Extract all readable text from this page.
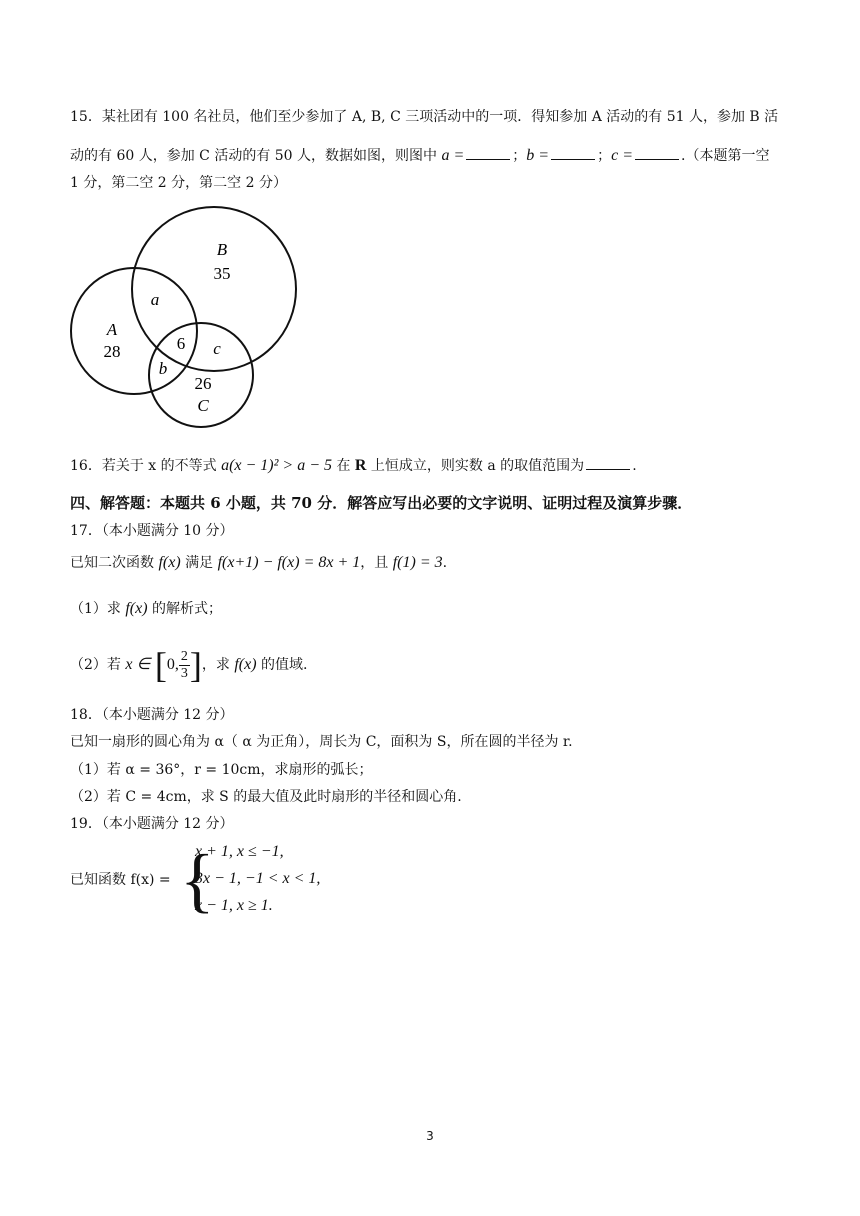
15．某社团有 100 名社员，他们至少参加了 A, B, C 三项活动中的一项．得知参加 A 活动的有 51 人，参加 B 活
动的有 60 人，参加 C 活动的有 50 人，数据如图，则图中 a =	；b =	；c =	.（本题第一空
1 分，第二空 2 分，第二空 2 分）
B
35
A
28
a
6 c
b
26
C
16．若关于 x 的不等式 a(x − 1)² > a − 5 在 R 上恒成立，则实数 a 的取值范围为	.
四、解答题：本题共 6 小题，共 70 分．解答应写出必要的文字说明、证明过程及演算步骤．
17．（本小题满分 10 分）
已知二次函数 f(x) 满足 f(x+1) − f(x) = 8x + 1，且 f(1) = 3.
（1）求 f(x) 的解析式；
（2）若 x ∈ [0, $\frac{2}{3}$ ]，求 f(x) 的值域.
18．（本小题满分 12 分）
已知一扇形的圆心角为 α（ α 为正角），周长为 C，面积为 S，所在圆的半径为 r.
（1）若 α = 36°，r = 10cm，求扇形的弧长；
（2）若 C = 4cm，求 S 的最大值及此时扇形的半径和圆心角.
19．（本小题满分 12 分）
已知函数 f(x) = {
x + 1, x ≤ −1,
3x − 1, −1 < x < 1,
x − 1, x ≥ 1.
3
